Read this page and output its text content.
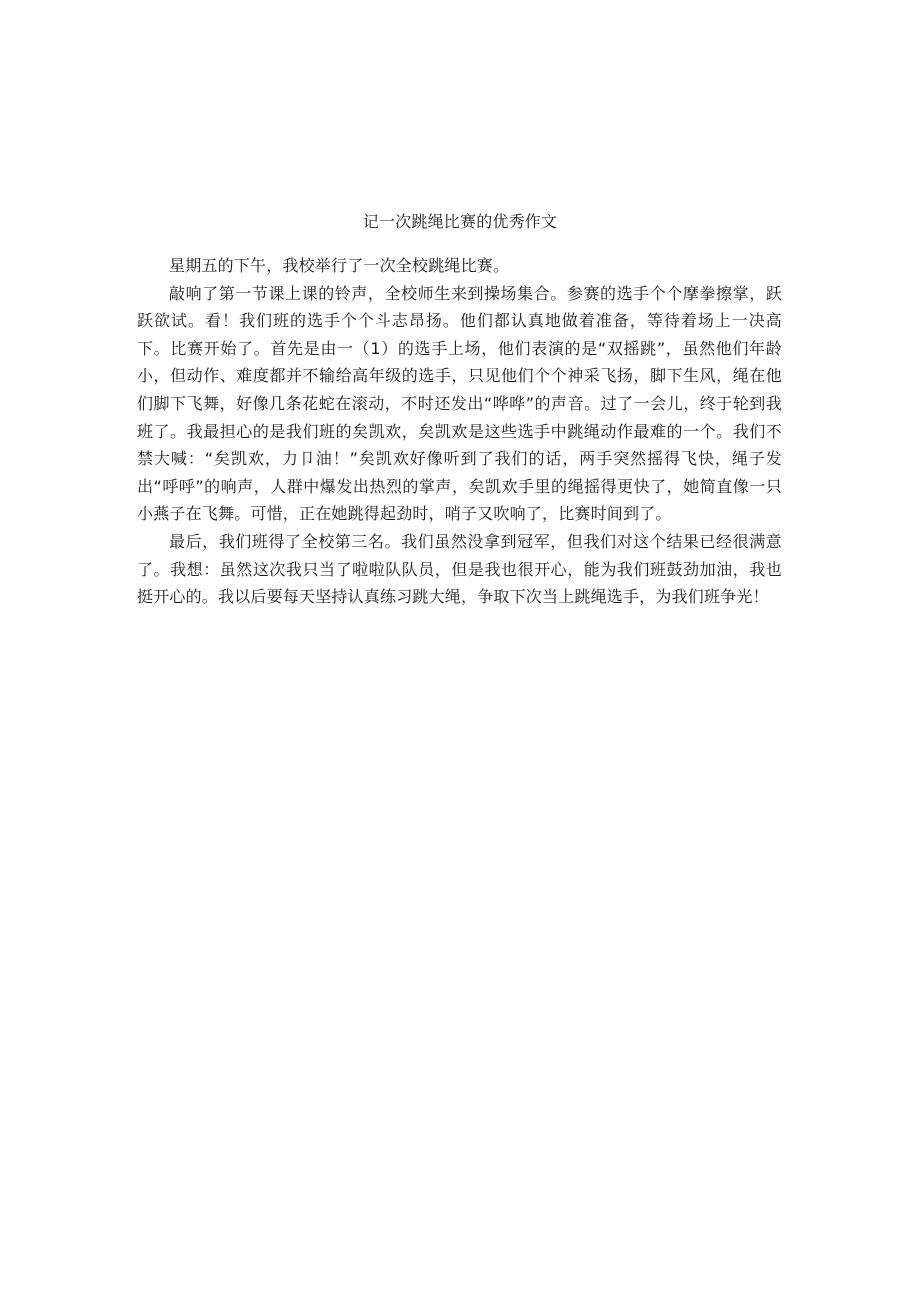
记一次跳绳比赛的优秀作文

星期五的下午，我校举行了一次全校跳绳比赛。

敲响了第一节课上课的铃声，全校师生来到操场集合。参赛的选手个个摩拳擦掌，跃跃欲试。看！我们班的选手个个斗志昂扬。他们都认真地做着准备，等待着场上一决高下。比赛开始了。首先是由一（1）的选手上场，他们表演的是“双摇跳”，虽然他们年龄小，但动作、难度都并不输给高年级的选手，只见他们个个神采飞扬，脚下生风，绳在他们脚下飞舞，好像几条花蛇在滚动，不时还发出“哗哗”的声音。过了一会儿，终于轮到我班了。我最担心的是我们班的矣凯欢，矣凯欢是这些选手中跳绳动作最难的一个。我们不禁大喊：“矣凯欢，力卩油！”矣凯欢好像听到了我们的话，两手突然摇得飞快，绳子发出“呼呼”的响声，人群中爆发出热烈的掌声，矣凯欢手里的绳摇得更快了，她简直像一只小燕子在飞舞。可惜，正在她跳得起劲时，哨子又吹响了，比赛时间到了。

最后，我们班得了全校第三名。我们虽然没拿到冠军，但我们对这个结果已经很满意了。我想：虽然这次我只当了啦啦队队员，但是我也很开心，能为我们班鼓劲加油，我也挺开心的。我以后要每天坚持认真练习跳大绳，争取下次当上跳绳选手，为我们班争光！
